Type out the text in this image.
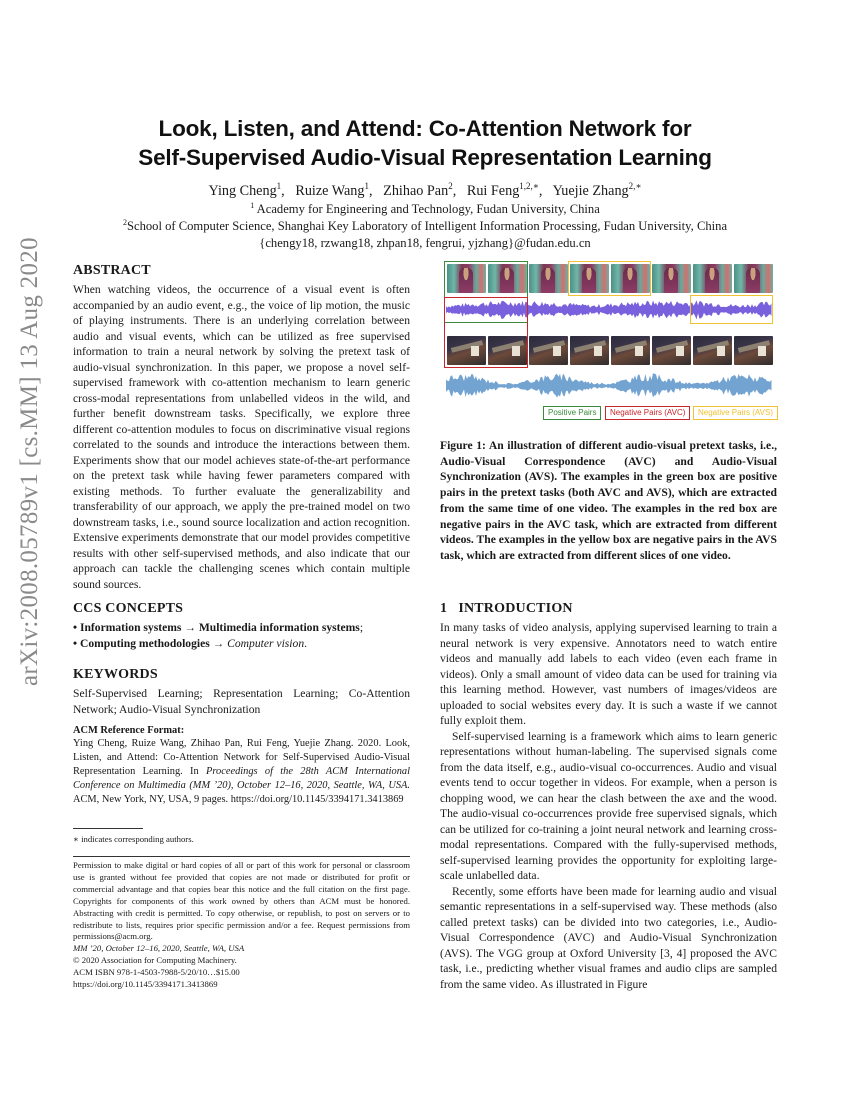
arXiv:2008.05789v1 [cs.MM] 13 Aug 2020
Look, Listen, and Attend: Co-Attention Network for
Self-Supervised Audio-Visual Representation Learning
Ying Cheng$^1$, Ruize Wang$^1$, Zhihao Pan$^2$, Rui Feng$^{1,2,∗}$, Yuejie Zhang$^{2,∗}$
$^1$ Academy for Engineering and Technology, Fudan University, China
$^2$School of Computer Science, Shanghai Key Laboratory of Intelligent Information Processing, Fudan University, China
{chengy18, rzwang18, zhpan18, fengrui, yjzhang}@fudan.edu.cn
ABSTRACT

When watching videos, the occurrence of a visual event is often accompanied by an audio event, e.g., the voice of lip motion, the music of playing instruments. There is an underlying correlation between audio and visual events, which can be utilized as free supervised information to train a neural network by solving the pretext task of audio-visual synchronization. In this paper, we propose a novel self-supervised framework with co-attention mechanism to learn generic cross-modal representations from unlabelled videos in the wild, and further benefit downstream tasks. Specifically, we explore three different co-attention modules to focus on discriminative visual regions correlated to the sounds and introduce the interactions between them. Experiments show that our model achieves state-of-the-art performance on the pretext task while having fewer parameters compared with existing methods. To further evaluate the generalizability and transferability of our approach, we apply the pre-trained model on two downstream tasks, i.e., sound source localization and action recognition. Extensive experiments demonstrate that our model provides competitive results with other self-supervised methods, and also indicate that our approach can tackle the challenging scenes which contain multiple sound sources.

CCS CONCEPTS
• Information systems → Multimedia information systems;
• Computing methodologies → Computer vision.
KEYWORDS

Self-Supervised Learning; Representation Learning; Co-Attention Network; Audio-Visual Synchronization

ACM Reference Format:

Ying Cheng, Ruize Wang, Zhihao Pan, Rui Feng, Yuejie Zhang. 2020. Look, Listen, and Attend: Co-Attention Network for Self-Supervised Audio-Visual Representation Learning. In Proceedings of the 28th ACM International Conference on Multimedia (MM ’20), October 12–16, 2020, Seattle, WA, USA. ACM, New York, NY, USA, 9 pages. https://doi.org/10.1145/3394171.3413869

∗ indicates corresponding authors.

Permission to make digital or hard copies of all or part of this work for personal or classroom use is granted without fee provided that copies are not made or distributed for profit or commercial advantage and that copies bear this notice and the full citation on the first page. Copyrights for components of this work owned by others than ACM must be honored. Abstracting with credit is permitted. To copy otherwise, or republish, to post on servers or to redistribute to lists, requires prior specific permission and/or a fee. Request permissions from permissions@acm.org.

MM ’20, October 12–16, 2020, Seattle, WA, USA

© 2020 Association for Computing Machinery.

ACM ISBN 978-1-4503-7988-5/20/10…$15.00

https://doi.org/10.1145/3394171.3413869

Positive Pairs	Negative Pairs (AVC)	Negative Pairs (AVS)
Figure 1: An illustration of different audio-visual pretext tasks, i.e., Audio-Visual Correspondence (AVC) and Audio-Visual Synchronization (AVS). The examples in the green box are positive pairs in the pretext tasks (both AVC and AVS), which are extracted from the same time of one video. The examples in the red box are negative pairs in the AVC task, which are extracted from different videos. The examples in the yellow box are negative pairs in the AVS task, which are extracted from different slices of one video.
1 INTRODUCTION

In many tasks of video analysis, applying supervised learning to train a neural network is very expensive. Annotators need to watch entire videos and manually add labels to each video (even each frame in videos). Only a small amount of video data can be used for training via this learning method. However, vast numbers of images/videos are uploaded to social websites every day. It is such a waste if we cannot fully exploit them.

Self-supervised learning is a framework which aims to learn generic representations without human-labeling. The supervised signals come from the data itself, e.g., audio-visual co-occurrences. Audio and visual events tend to occur together in videos. For example, when a person is chopping wood, we can hear the clash between the axe and the wood. The audio-visual co-occurrences provide free supervised signals, which can be utilized for co-training a joint neural network and learning cross-modal representations. Compared with the fully-supervised methods, self-supervised learning provides the opportunity for exploiting large-scale unlabelled data.

Recently, some efforts have been made for learning audio and visual semantic representations in a self-supervised way. These methods (also called pretext tasks) can be divided into two categories, i.e., Audio-Visual Correspondence (AVC) and Audio-Visual Synchronization (AVS). The VGG group at Oxford University [3, 4] proposed the AVC task, i.e., predicting whether visual frames and audio clips are sampled from the same video. As illustrated in Figure
